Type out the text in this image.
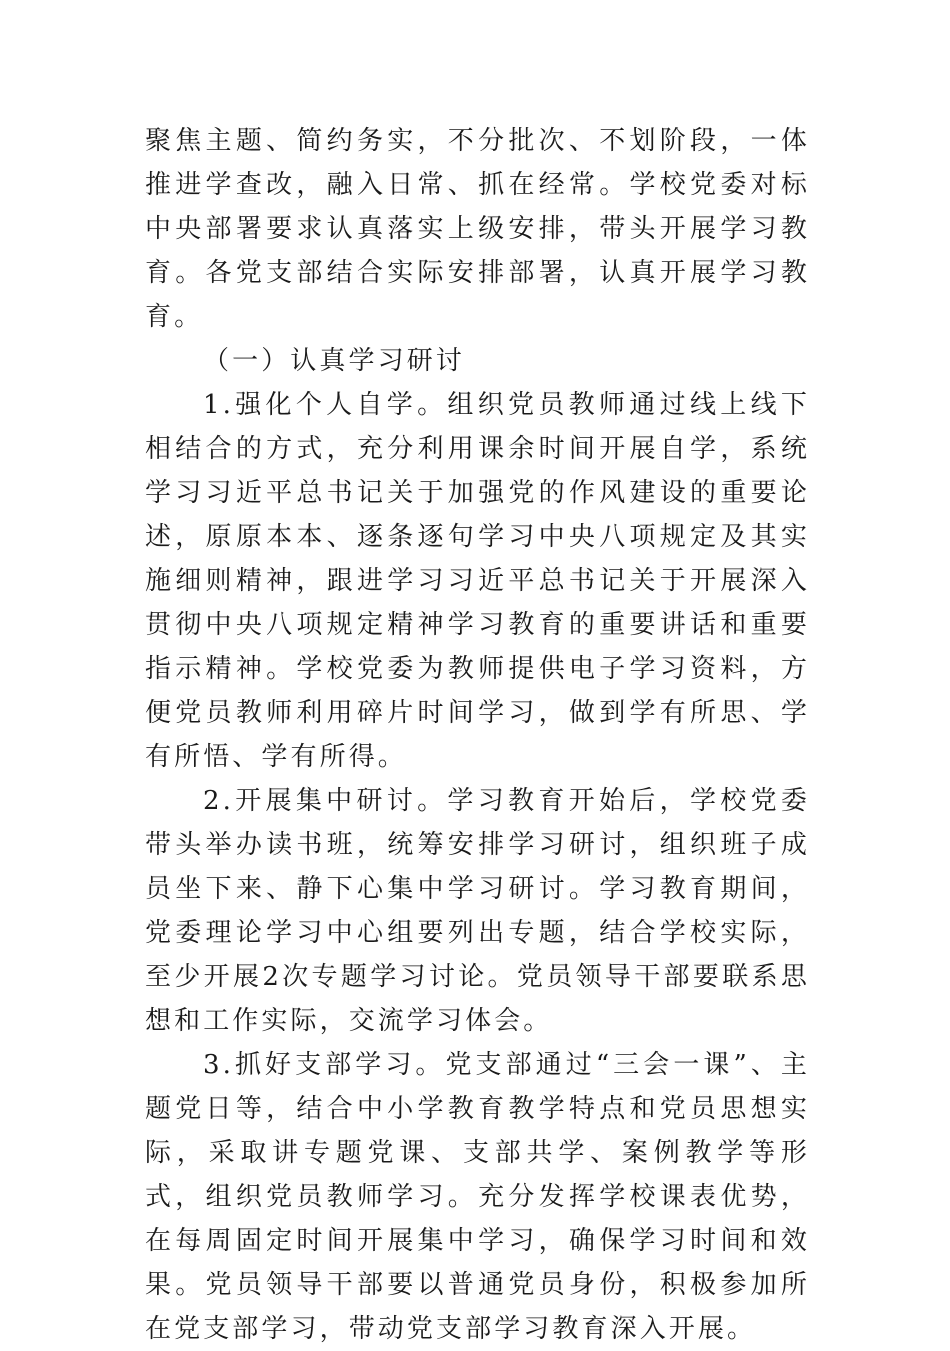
聚焦主题、简约务实，不分批次、不划阶段，一体推进学查改，融入日常、抓在经常。学校党委对标中央部署要求认真落实上级安排，带头开展学习教育。各党支部结合实际安排部署，认真开展学习教育。

（一）认真学习研讨

1.强化个人自学。组织党员教师通过线上线下相结合的方式，充分利用课余时间开展自学，系统学习习近平总书记关于加强党的作风建设的重要论述，原原本本、逐条逐句学习中央八项规定及其实施细则精神，跟进学习习近平总书记关于开展深入贯彻中央八项规定精神学习教育的重要讲话和重要指示精神。学校党委为教师提供电子学习资料，方便党员教师利用碎片时间学习，做到学有所思、学有所悟、学有所得。

2.开展集中研讨。学习教育开始后，学校党委带头举办读书班，统筹安排学习研讨，组织班子成员坐下来、静下心集中学习研讨。学习教育期间，党委理论学习中心组要列出专题，结合学校实际，至少开展2次专题学习讨论。党员领导干部要联系思想和工作实际，交流学习体会。

3.抓好支部学习。党支部通过“三会一课”、主题党日等，结合中小学教育教学特点和党员思想实际，采取讲专题党课、支部共学、案例教学等形式，组织党员教师学习。充分发挥学校课表优势，在每周固定时间开展集中学习，确保学习时间和效果。党员领导干部要以普通党员身份，积极参加所在党支部学习，带动党支部学习教育深入开展。
